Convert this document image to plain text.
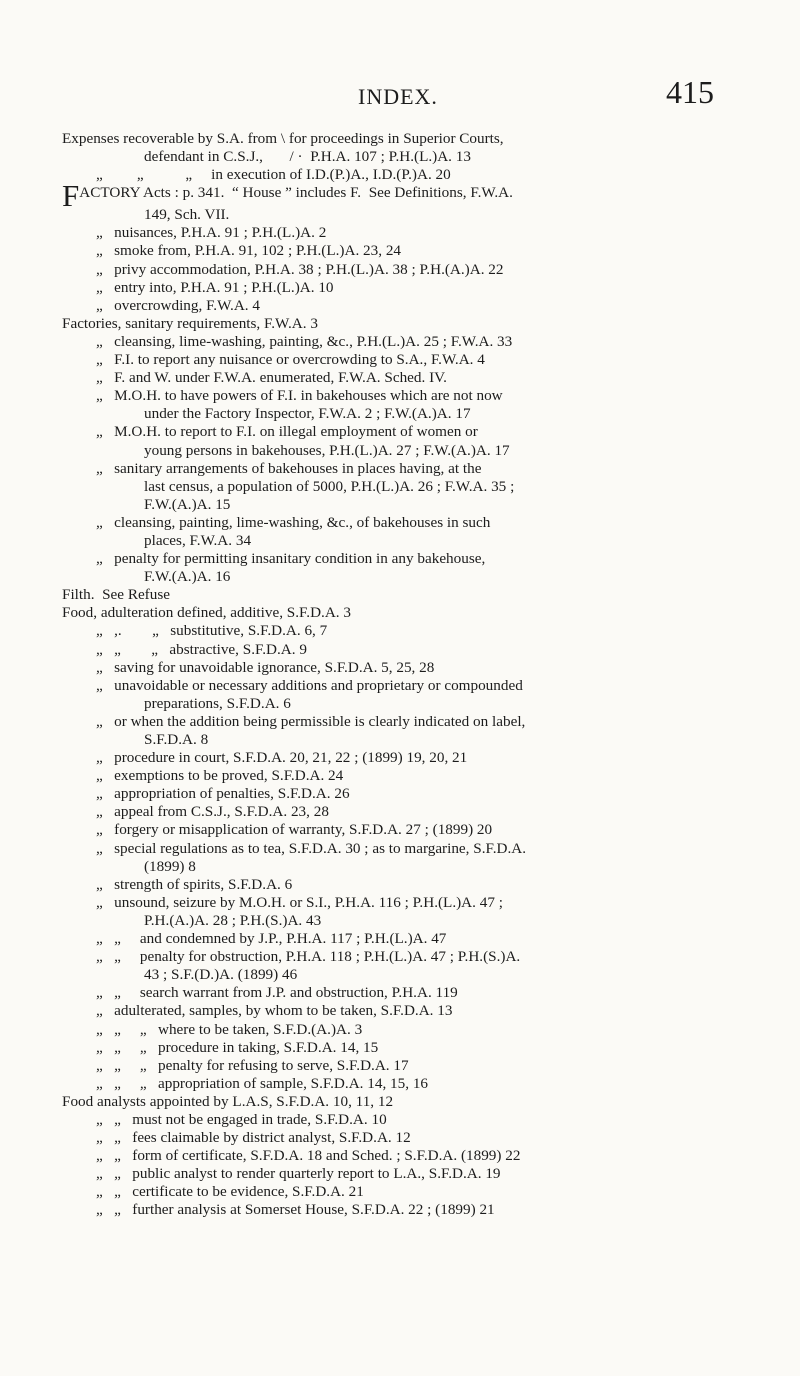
INDEX.	415
Expenses recoverable by S.A. from \ for proceedings in Superior Courts,
defendant in C.S.J.,       / ·  P.H.A. 107 ; P.H.(L.)A. 13
„         „           „     in execution of I.D.(P.)A., I.D.(P.)A. 20
FACTORY Acts : p. 341.  “ House ” includes F.  See Definitions, F.W.A.
149, Sch. VII.
„   nuisances, P.H.A. 91 ; P.H.(L.)A. 2
„   smoke from, P.H.A. 91, 102 ; P.H.(L.)A. 23, 24
„   privy accommodation, P.H.A. 38 ; P.H.(L.)A. 38 ; P.H.(A.)A. 22
„   entry into, P.H.A. 91 ; P.H.(L.)A. 10
„   overcrowding, F.W.A. 4
Factories, sanitary requirements, F.W.A. 3
„   cleansing, lime-washing, painting, &c., P.H.(L.)A. 25 ; F.W.A. 33
„   F.I. to report any nuisance or overcrowding to S.A., F.W.A. 4
„   F. and W. under F.W.A. enumerated, F.W.A. Sched. IV.
„   M.O.H. to have powers of F.I. in bakehouses which are not now
under the Factory Inspector, F.W.A. 2 ; F.W.(A.)A. 17
„   M.O.H. to report to F.I. on illegal employment of women or
young persons in bakehouses, P.H.(L.)A. 27 ; F.W.(A.)A. 17
„   sanitary arrangements of bakehouses in places having, at the
last census, a population of 5000, P.H.(L.)A. 26 ; F.W.A. 35 ;
F.W.(A.)A. 15
„   cleansing, painting, lime-washing, &c., of bakehouses in such
places, F.W.A. 34
„   penalty for permitting insanitary condition in any bakehouse,
F.W.(A.)A. 16
Filth.  See Refuse
Food, adulteration defined, additive, S.F.D.A. 3
„   ,.        „   substitutive, S.F.D.A. 6, 7
„   „        „   abstractive, S.F.D.A. 9
„   saving for unavoidable ignorance, S.F.D.A. 5, 25, 28
„   unavoidable or necessary additions and proprietary or compounded
preparations, S.F.D.A. 6
„   or when the addition being permissible is clearly indicated on label,
S.F.D.A. 8
„   procedure in court, S.F.D.A. 20, 21, 22 ; (1899) 19, 20, 21
„   exemptions to be proved, S.F.D.A. 24
„   appropriation of penalties, S.F.D.A. 26
„   appeal from C.S.J., S.F.D.A. 23, 28
„   forgery or misapplication of warranty, S.F.D.A. 27 ; (1899) 20
„   special regulations as to tea, S.F.D.A. 30 ; as to margarine, S.F.D.A.
(1899) 8
„   strength of spirits, S.F.D.A. 6
„   unsound, seizure by M.O.H. or S.I., P.H.A. 116 ; P.H.(L.)A. 47 ;
P.H.(A.)A. 28 ; P.H.(S.)A. 43
„   „     and condemned by J.P., P.H.A. 117 ; P.H.(L.)A. 47
„   „     penalty for obstruction, P.H.A. 118 ; P.H.(L.)A. 47 ; P.H.(S.)A.
43 ; S.F.(D.)A. (1899) 46
„   „     search warrant from J.P. and obstruction, P.H.A. 119
„   adulterated, samples, by whom to be taken, S.F.D.A. 13
„   „     „   where to be taken, S.F.D.(A.)A. 3
„   „     „   procedure in taking, S.F.D.A. 14, 15
„   „     „   penalty for refusing to serve, S.F.D.A. 17
„   „     „   appropriation of sample, S.F.D.A. 14, 15, 16
Food analysts appointed by L.A.S, S.F.D.A. 10, 11, 12
„   „   must not be engaged in trade, S.F.D.A. 10
„   „   fees claimable by district analyst, S.F.D.A. 12
„   „   form of certificate, S.F.D.A. 18 and Sched. ; S.F.D.A. (1899) 22
„   „   public analyst to render quarterly report to L.A., S.F.D.A. 19
„   „   certificate to be evidence, S.F.D.A. 21
„   „   further analysis at Somerset House, S.F.D.A. 22 ; (1899) 21
